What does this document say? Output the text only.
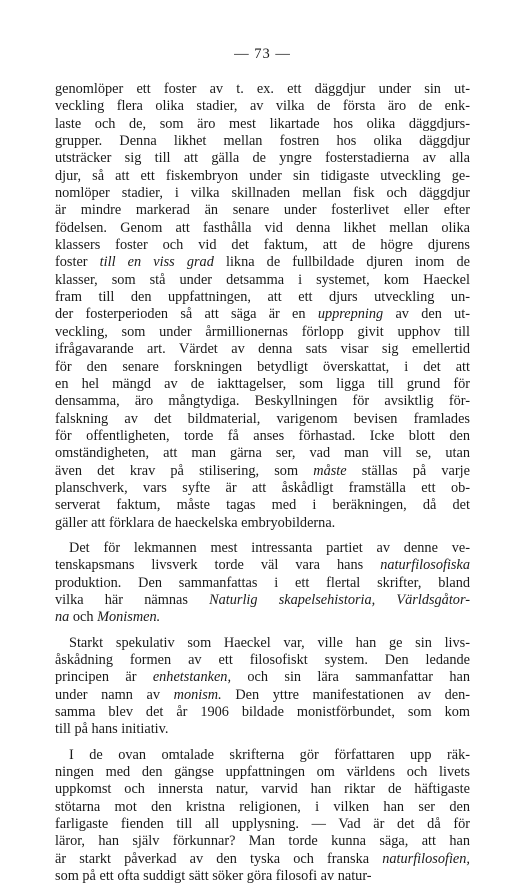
— 73 —
genomlöper ett foster av t. ex. ett däggdjur under sin ut-
veckling flera olika stadier, av vilka de första äro de enk-
laste och de, som äro mest likartade hos olika däggdjurs-
grupper. Denna likhet mellan fostren hos olika däggdjur
utsträcker sig till att gälla de yngre fosterstadierna av alla
djur, så att ett fiskembryon under sin tidigaste utveckling ge-
nomlöper stadier, i vilka skillnaden mellan fisk och däggdjur
är mindre markerad än senare under fosterlivet eller efter
födelsen. Genom att fasthålla vid denna likhet mellan olika
klassers foster och vid det faktum, att de högre djurens
foster till en viss grad likna de fullbildade djuren inom de
klasser, som stå under detsamma i systemet, kom Haeckel
fram till den uppfattningen, att ett djurs utveckling un-
der fosterperioden så att säga är en upprepning av den ut-
veckling, som under årmillionernas förlopp givit upphov till
ifrågavarande art. Värdet av denna sats visar sig emellertid
för den senare forskningen betydligt överskattat, i det att
en hel mängd av de iakttagelser, som ligga till grund för
densamma, äro mångtydiga. Beskyllningen för avsiktlig för-
falskning av det bildmaterial, varigenom bevisen framlades
för offentligheten, torde få anses förhastad. Icke blott den
omständigheten, att man gärna ser, vad man vill se, utan
även det krav på stilisering, som måste ställas på varje
planschverk, vars syfte är att åskådligt framställa ett ob-
serverat faktum, måste tagas med i beräkningen, då det
gäller att förklara de haeckelska embryobilderna.
Det för lekmannen mest intressanta partiet av denne ve-
tenskapsmans livsverk torde väl vara hans naturfilosofiska
produktion. Den sammanfattas i ett flertal skrifter, bland
vilka här nämnas Naturlig skapelsehistoria, Världsgåtor-
na och Monismen.
Starkt spekulativ som Haeckel var, ville han ge sin livs-
åskådning formen av ett filosofiskt system. Den ledande
principen är enhetstanken, och sin lära sammanfattar han
under namn av monism. Den yttre manifestationen av den-
samma blev det år 1906 bildade monistförbundet, som kom
till på hans initiativ.
I de ovan omtalade skrifterna gör författaren upp räk-
ningen med den gängse uppfattningen om världens och livets
uppkomst och innersta natur, varvid han riktar de häftigaste
stötarna mot den kristna religionen, i vilken han ser den
farligaste fienden till all upplysning. — Vad är det då för
läror, han själv förkunnar? Man torde kunna säga, att han
är starkt påverkad av den tyska och franska naturfilosofien,
som på ett ofta suddigt sätt söker göra filosofi av natur-
